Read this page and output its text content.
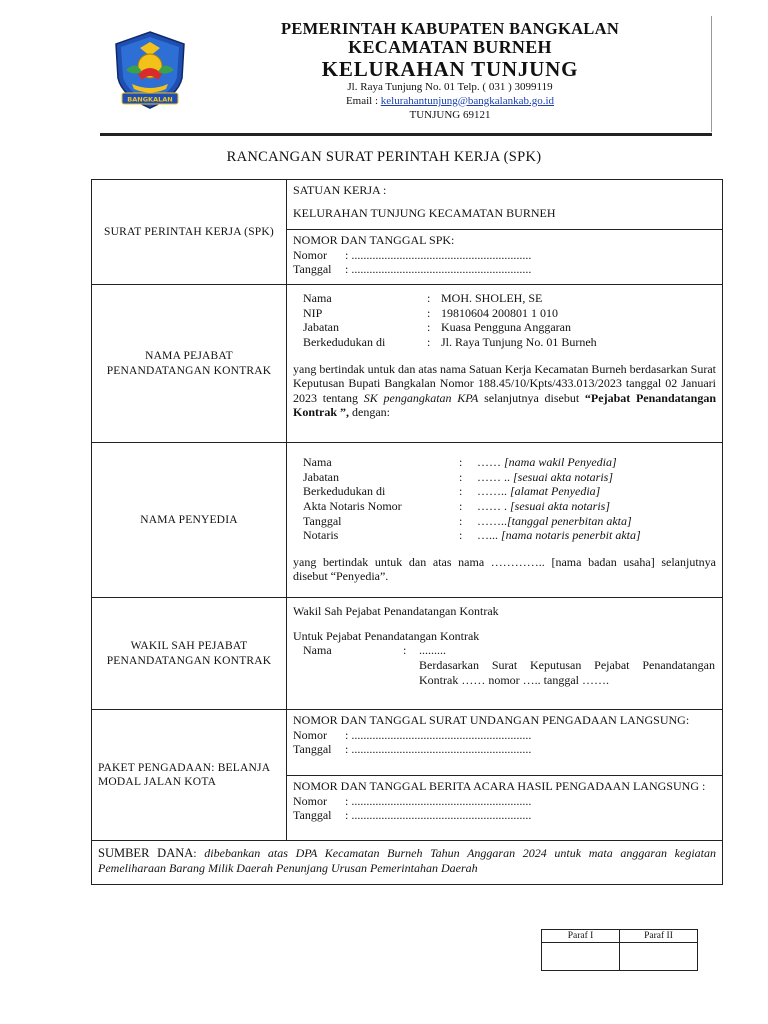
BANGKALAN
PEMERINTAH KABUPATEN BANGKALAN
KECAMATAN BURNEH
KELURAHAN TUNJUNG
Jl. Raya Tunjung No. 01 Telp. ( 031 ) 3099119
Email : kelurahantunjung@bangkalankab.go.id
TUNJUNG 69121
RANCANGAN SURAT PERINTAH KERJA (SPK)
SURAT PERINTAH KERJA (SPK)	
SATUAN KERJA :
KELURAHAN TUNJUNG KECAMATAN BURNEH

NOMOR DAN TANGGAL SPK:
Nomor	: ............................................................
Tanggal	: ............................................................

NAMA PEJABAT PENANDATANGAN KONTRAK	
Nama	:	MOH. SHOLEH, SE
NIP	:	19810604 200801 1 010
Jabatan	:	Kuasa Pengguna Anggaran
Berkedudukan di	:	Jl. Raya Tunjung No. 01 Burneh
yang bertindak untuk dan atas nama Satuan Kerja Kecamatan Burneh berdasarkan Surat Keputusan Bupati Bangkalan Nomor 188.45/10/Kpts/433.013/2023 tanggal 02 Januari 2023 tentang SK pengangkatan KPA selanjutnya disebut “Pejabat Penandatangan Kontrak ”, dengan:

NAMA PENYEDIA	
Nama	:	…… [nama wakil Penyedia]
Jabatan	:	…… .. [sesuai akta notaris]
Berkedudukan di	:	…….. [alamat Penyedia]
Akta Notaris Nomor	:	…… . [sesuai akta notaris]
Tanggal	:	……..[tanggal penerbitan akta]
Notaris	:	…... [nama notaris penerbit akta]
yang bertindak untuk dan atas nama ………….. [nama badan usaha] selanjutnya disebut “Penyedia”.

WAKIL SAH PEJABAT PENANDATANGAN KONTRAK	
Wakil Sah Pejabat Penandatangan Kontrak
Untuk Pejabat Penandatangan Kontrak
Nama	:	.........
		Berdasarkan Surat Keputusan Pejabat Penandatangan Kontrak …… nomor ….. tanggal …….

PAKET PENGADAAN: BELANJA MODAL JALAN KOTA	
NOMOR DAN TANGGAL SURAT UNDANGAN PENGADAAN LANGSUNG:
Nomor	: ............................................................
Tanggal	: ............................................................

NOMOR DAN TANGGAL BERITA ACARA HASIL PENGADAAN LANGSUNG :
Nomor	: ............................................................
Tanggal	: ............................................................

SUMBER DANA: dibebankan atas DPA Kecamatan Burneh Tahun Anggaran 2024 untuk mata anggaran kegiatan Pemeliharaan Barang Milik Daerah Penunjang Urusan Pemerintahan Daerah
Paraf I	Paraf II
